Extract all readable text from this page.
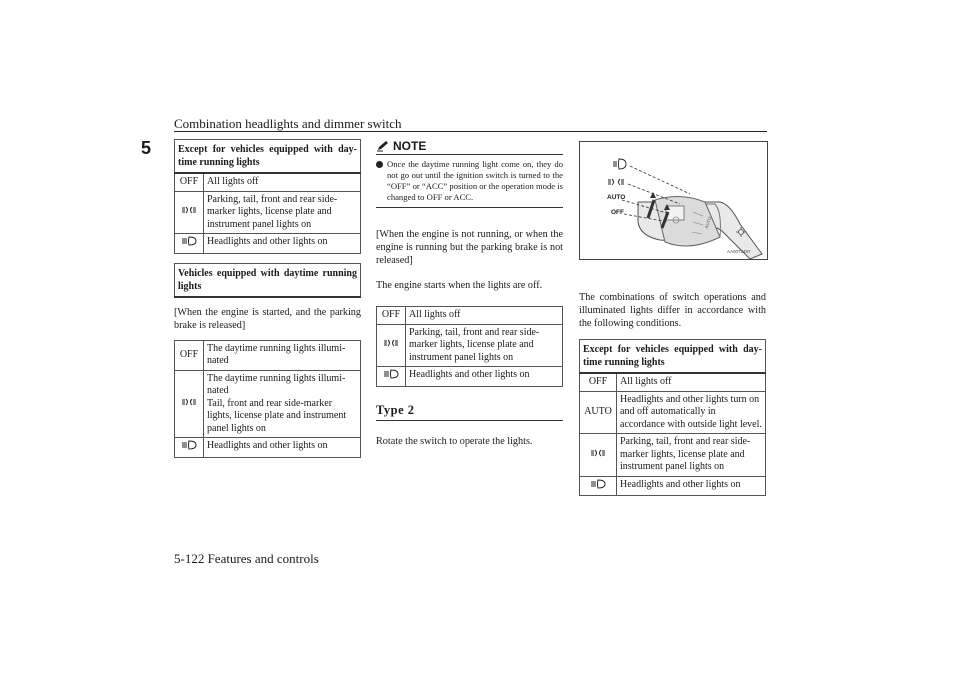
Combination headlights and dimmer switch
5	Except for vehicles equipped with day-time running lights	
OFF	All lights off
	Parking, tail, front and rear side-marker lights, license plate and instrument panel lights on
	Headlights and other lights on
Vehicles equipped with daytime running lights

[When the engine is started, and the parking brake is released]

OFF	The daytime running lights illumi-nated
	The daytime running lights illumi-nated
Tail, front and rear side-marker lights, license plate and instrument panel lights on
	Headlights and other lights on
NOTE
Once the daytime running light come on, they do not go out until the ignition switch is turned to the “OFF” or “ACC” position or the operation mode is changed to OFF or ACC.

[When the engine is not running, or when the engine is running but the parking brake is not released]

The engine starts when the lights are off.

OFF	All lights off
	Parking, tail, front and rear side-marker lights, license plate and instrument panel lights on
	Headlights and other lights on
Type 2

Rotate the switch to operate the lights.

AUTO
OFF
AUTO
AA0073497

The combinations of switch operations and illuminated lights differ in accordance with the following conditions.

Except for vehicles equipped with day-time running lights	
OFF	All lights off
AUTO	Headlights and other lights turn on and off automatically in accordance with outside light level.
	Parking, tail, front and rear side-marker lights, license plate and instrument panel lights on
	Headlights and other lights on
5-122 Features and controls
